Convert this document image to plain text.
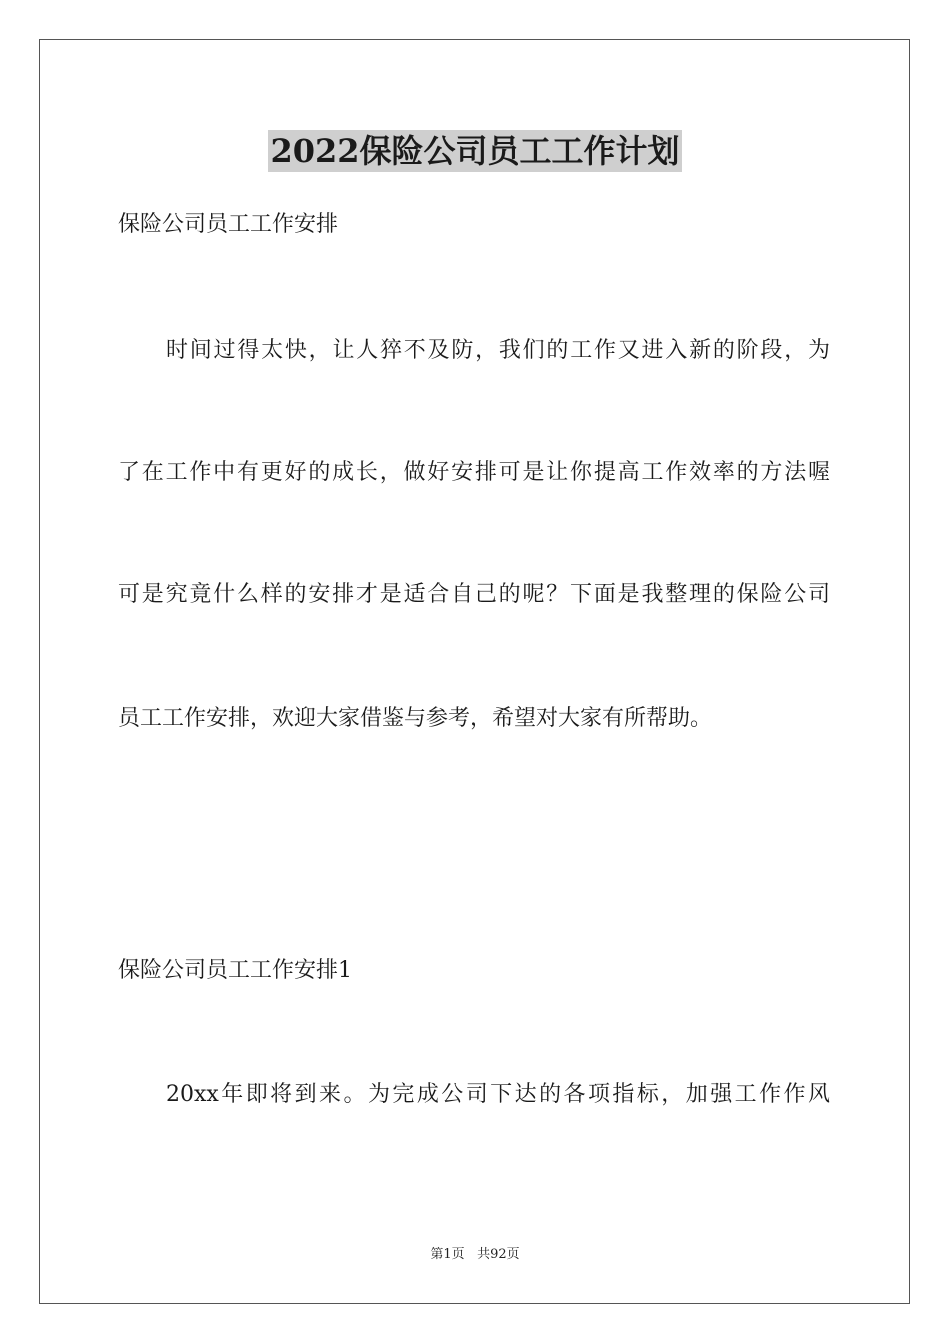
2022保险公司员工工作计划

保险公司员工工作安排

时间过得太快，让人猝不及防，我们的工作又进入新的阶段，为

了在工作中有更好的成长，做好安排可是让你提高工作效率的方法喔

可是究竟什么样的安排才是适合自己的呢？下面是我整理的保险公司

员工工作安排，欢迎大家借鉴与参考，希望对大家有所帮助。

保险公司员工工作安排1

20xx年即将到来。为完成公司下达的各项指标，加强工作作风

第1页 共92页
